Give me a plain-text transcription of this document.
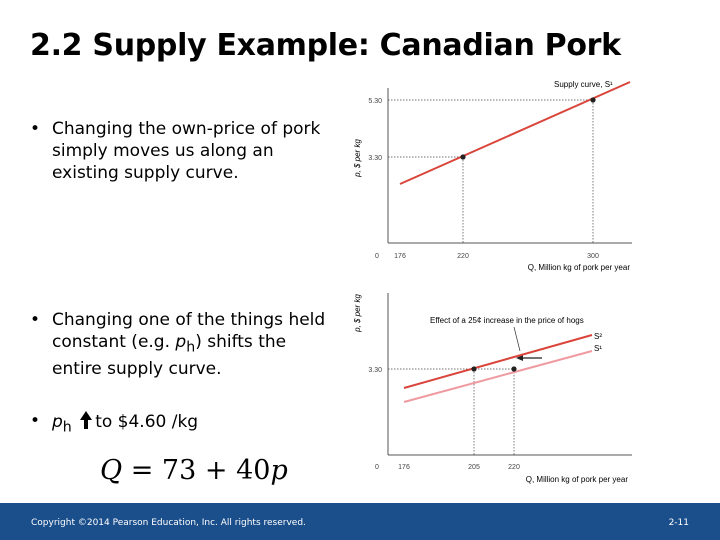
2.2 Supply Example: Canadian Pork
• Changing the own-price of pork simply moves us along an existing supply curve.
• Changing one of the things held constant (e.g. $p_h$) shifts the entire supply curve.
• $p_h$ to $4.60 /kg
Q = 73 + 40p
p, $ per kg
Q, Million kg of pork per year
Supply curve, S¹
0 176	220	300
3.30
5.30
p, $ per kg
Q, Million kg of pork per year
Effect of a 25¢ increase in the price of hogs
S²
S¹
0	176	205	220
3.30
Copyright ©2014 Pearson Education, Inc. All rights reserved.	2-11
